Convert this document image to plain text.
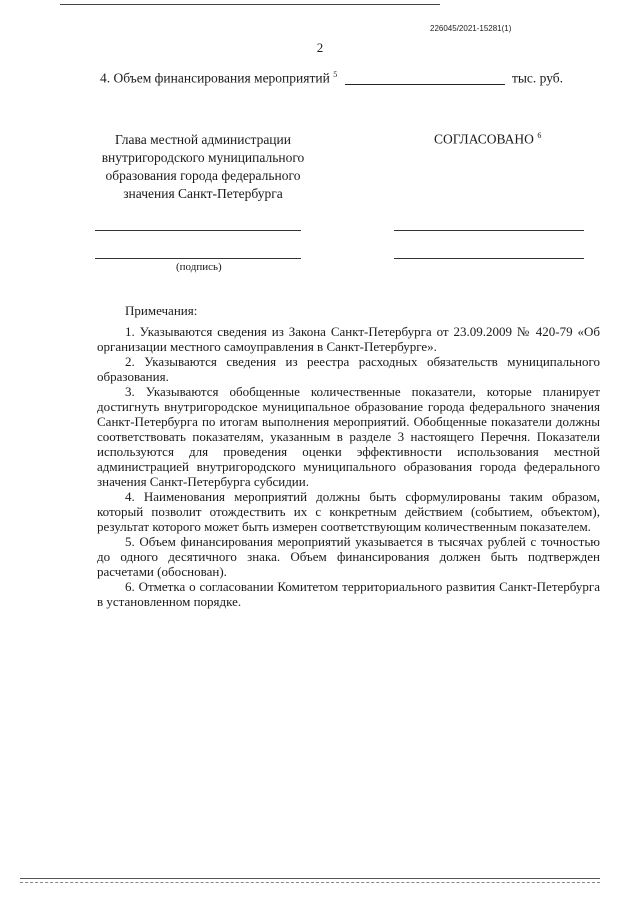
226045/2021-15281(1)
2
4. Объем финансирования мероприятий $^5$	тыс. руб.
Глава местной администрации внутригородского муниципального образования города федерального значения Санкт-Петербурга
СОГЛАСОВАНО $^6$
(подпись)
Примечания:

1. Указываются сведения из Закона Санкт-Петербурга от 23.09.2009 № 420-79 «Об организации местного самоуправления в Санкт-Петербурге».

2. Указываются сведения из реестра расходных обязательств муниципального образования.

3. Указываются обобщенные количественные показатели, которые планирует достигнуть внутригородское муниципальное образование города федерального значения Санкт-Петербурга по итогам выполнения мероприятий. Обобщенные показатели должны соответствовать показателям, указанным в разделе 3 настоящего Перечня. Показатели используются для проведения оценки эффективности использования местной администрацией внутригородского муниципального образования города федерального значения Санкт-Петербурга субсидии.

4. Наименования мероприятий должны быть сформулированы таким образом, который позволит отождествить их с конкретным действием (событием, объектом), результат которого может быть измерен соответствующим количественным показателем.

5. Объем финансирования мероприятий указывается в тысячах рублей с точностью до одного десятичного знака. Объем финансирования должен быть подтвержден расчетами (обоснован).

6. Отметка о согласовании Комитетом территориального развития Санкт-Петербурга в установленном порядке.
